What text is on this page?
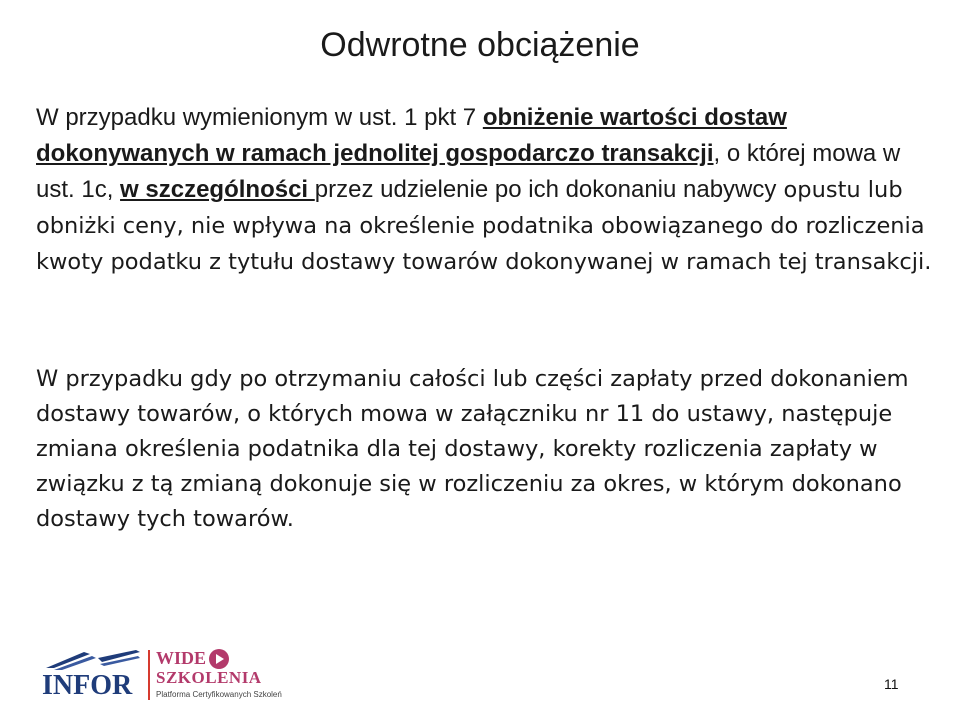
Odwrotne obciążenie

W przypadku wymienionym w ust. 1 pkt 7 obniżenie wartości dostaw dokonywanych w ramach jednolitej gospodarczo transakcji, o której mowa w ust. 1c, w szczególności przez udzielenie po ich dokonaniu nabywcy opustu lub obniżki ceny, nie wpływa na określenie podatnika obowiązanego do rozliczenia kwoty podatku z tytułu dostawy towarów dokonywanej w ramach tej transakcji.

W przypadku gdy po otrzymaniu całości lub części zapłaty przed dokonaniem dostawy towarów, o których mowa w załączniku nr 11 do ustawy, następuje zmiana określenia podatnika dla tej dostawy, korekty rozliczenia zapłaty w związku z tą zmianą dokonuje się w rozliczeniu za okres, w którym dokonano dostawy tych towarów.

INFOR
WIDE
SZKOLENIA
Platforma Certyfikowanych Szkoleń
11
